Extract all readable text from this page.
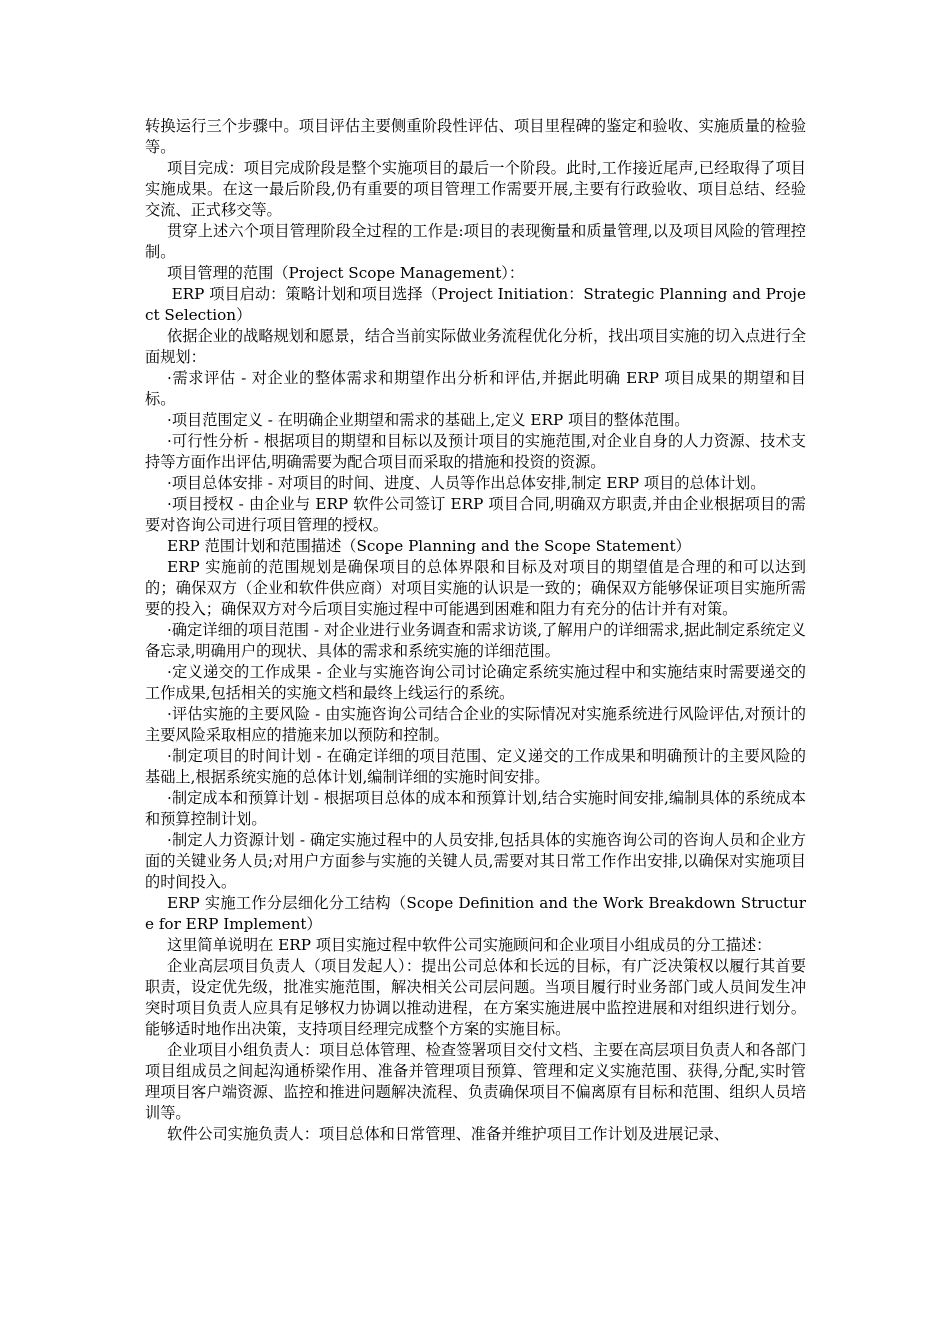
转换运行三个步骤中。项目评估主要侧重阶段性评估、项目里程碑的鉴定和验收、实施质量的检验等。

项目完成：项目完成阶段是整个实施项目的最后一个阶段。此时,工作接近尾声,已经取得了项目实施成果。在这一最后阶段,仍有重要的项目管理工作需要开展,主要有行政验收、项目总结、经验交流、正式移交等。

贯穿上述六个项目管理阶段全过程的工作是:项目的表现衡量和质量管理,以及项目风险的管理控制。

项目管理的范围（Project Scope Management）：

ERP 项目启动：策略计划和项目选择（Project Initiation：Strategic Planning and Project Selection）

依据企业的战略规划和愿景，结合当前实际做业务流程优化分析，找出项目实施的切入点进行全面规划：

·需求评估 - 对企业的整体需求和期望作出分析和评估,并据此明确 ERP 项目成果的期望和目标。

·项目范围定义 - 在明确企业期望和需求的基础上,定义 ERP 项目的整体范围。

·可行性分析 - 根据项目的期望和目标以及预计项目的实施范围,对企业自身的人力资源、技术支持等方面作出评估,明确需要为配合项目而采取的措施和投资的资源。

·项目总体安排 - 对项目的时间、进度、人员等作出总体安排,制定 ERP 项目的总体计划。

·项目授权 - 由企业与 ERP 软件公司签订 ERP 项目合同,明确双方职责,并由企业根据项目的需要对咨询公司进行项目管理的授权。

ERP 范围计划和范围描述（Scope Planning and the Scope Statement）

ERP 实施前的范围规划是确保项目的总体界限和目标及对项目的期望值是合理的和可以达到的；确保双方（企业和软件供应商）对项目实施的认识是一致的；确保双方能够保证项目实施所需要的投入；确保双方对今后项目实施过程中可能遇到困难和阻力有充分的估计并有对策。

·确定详细的项目范围 - 对企业进行业务调查和需求访谈,了解用户的详细需求,据此制定系统定义备忘录,明确用户的现状、具体的需求和系统实施的详细范围。

·定义递交的工作成果 - 企业与实施咨询公司讨论确定系统实施过程中和实施结束时需要递交的工作成果,包括相关的实施文档和最终上线运行的系统。

·评估实施的主要风险 - 由实施咨询公司结合企业的实际情况对实施系统进行风险评估,对预计的主要风险采取相应的措施来加以预防和控制。

·制定项目的时间计划 - 在确定详细的项目范围、定义递交的工作成果和明确预计的主要风险的基础上,根据系统实施的总体计划,编制详细的实施时间安排。

·制定成本和预算计划 - 根据项目总体的成本和预算计划,结合实施时间安排,编制具体的系统成本和预算控制计划。

·制定人力资源计划 - 确定实施过程中的人员安排,包括具体的实施咨询公司的咨询人员和企业方面的关键业务人员;对用户方面参与实施的关键人员,需要对其日常工作作出安排,以确保对实施项目的时间投入。

ERP 实施工作分层细化分工结构（Scope Definition and the Work Breakdown Structure for ERP Implement）

这里简单说明在 ERP 项目实施过程中软件公司实施顾问和企业项目小组成员的分工描述：

企业高层项目负责人（项目发起人）：提出公司总体和长远的目标，有广泛决策权以履行其首要职责，设定优先级，批准实施范围，解决相关公司层问题。当项目履行时业务部门或人员间发生冲突时项目负责人应具有足够权力协调以推动进程，在方案实施进展中监控进展和对组织进行划分。能够适时地作出决策，支持项目经理完成整个方案的实施目标。

企业项目小组负责人：项目总体管理、检查签署项目交付文档、主要在高层项目负责人和各部门项目组成员之间起沟通桥梁作用、准备并管理项目预算、管理和定义实施范围、获得,分配,实时管理项目客户端资源、监控和推进问题解决流程、负责确保项目不偏离原有目标和范围、组织人员培训等。

软件公司实施负责人：项目总体和日常管理、准备并维护项目工作计划及进展记录、
